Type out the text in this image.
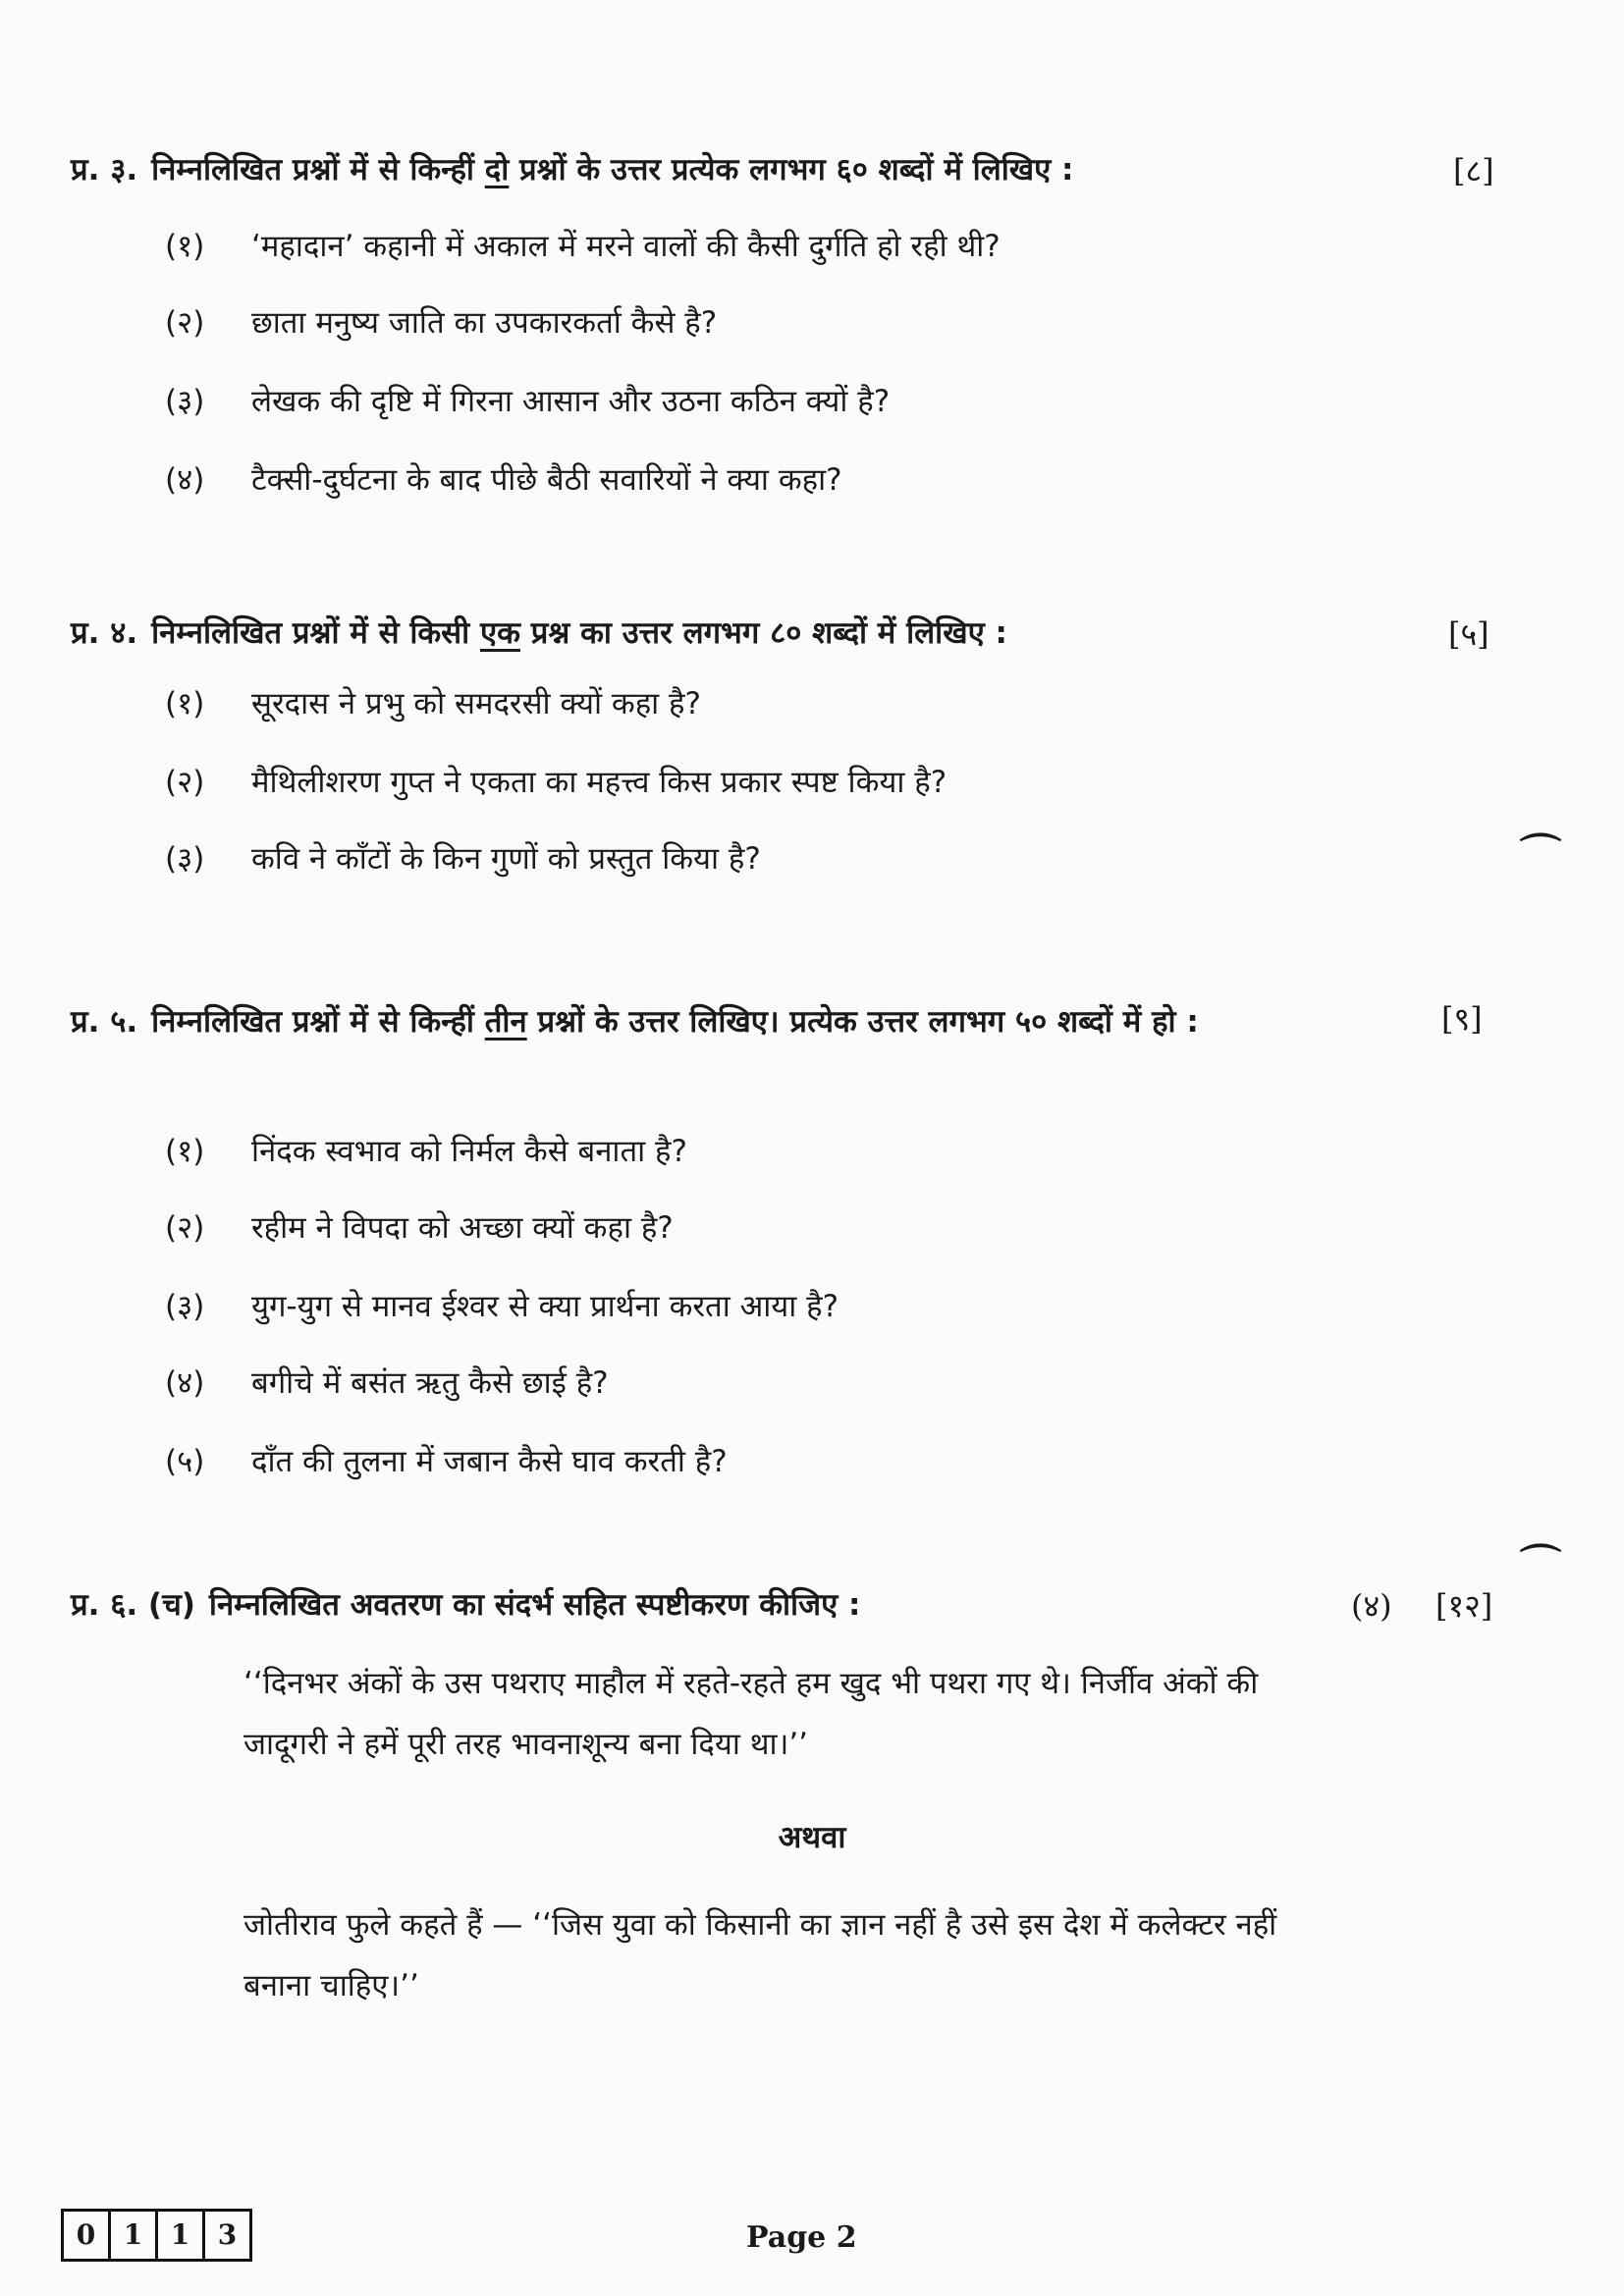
प्र. ३. निम्नलिखित प्रश्नों में से किन्हीं दो प्रश्नों के उत्तर प्रत्येक लगभग ६० शब्दों में लिखिए :	[८]
(१) ‘महादान’ कहानी में अकाल में मरने वालों की कैसी दुर्गति हो रही थी?
(२) छाता मनुष्य जाति का उपकारकर्ता कैसे है?
(३) लेखक की दृष्टि में गिरना आसान और उठना कठिन क्यों है?
(४) टैक्सी-दुर्घटना के बाद पीछे बैठी सवारियों ने क्या कहा?
प्र. ४. निम्नलिखित प्रश्नों में से किसी एक प्रश्न का उत्तर लगभग ८० शब्दों में लिखिए :	[५]
(१) सूरदास ने प्रभु को समदरसी क्यों कहा है?
(२) मैथिलीशरण गुप्त ने एकता का महत्त्व किस प्रकार स्पष्ट किया है?
(३) कवि ने काँटों के किन गुणों को प्रस्तुत किया है?	⌒
प्र. ५. निम्नलिखित प्रश्नों में से किन्हीं तीन प्रश्नों के उत्तर लिखिए। प्रत्येक उत्तर लगभग ५० शब्दों में हो :	[९]
(१) निंदक स्वभाव को निर्मल कैसे बनाता है?
(२) रहीम ने विपदा को अच्छा क्यों कहा है?
(३) युग-युग से मानव ईश्वर से क्या प्रार्थना करता आया है?
(४) बगीचे में बसंत ऋतु कैसे छाई है?
(५) दाँत की तुलना में जबान कैसे घाव करती है?
प्र. ६. (च) निम्नलिखित अवतरण का संदर्भ सहित स्पष्टीकरण कीजिए :	(४) [१२]
⌒
‘‘दिनभर अंकों के उस पथराए माहौल में रहते-रहते हम खुद भी पथरा गए थे। निर्जीव अंकों की जादूगरी ने हमें पूरी तरह भावनाशून्य बना दिया था।’’
अथवा
जोतीराव फुले कहते हैं — ‘‘जिस युवा को किसानी का ज्ञान नहीं है उसे इस देश में कलेक्टर नहीं बनाना चाहिए।’’
0	1	1	3	Page 2
